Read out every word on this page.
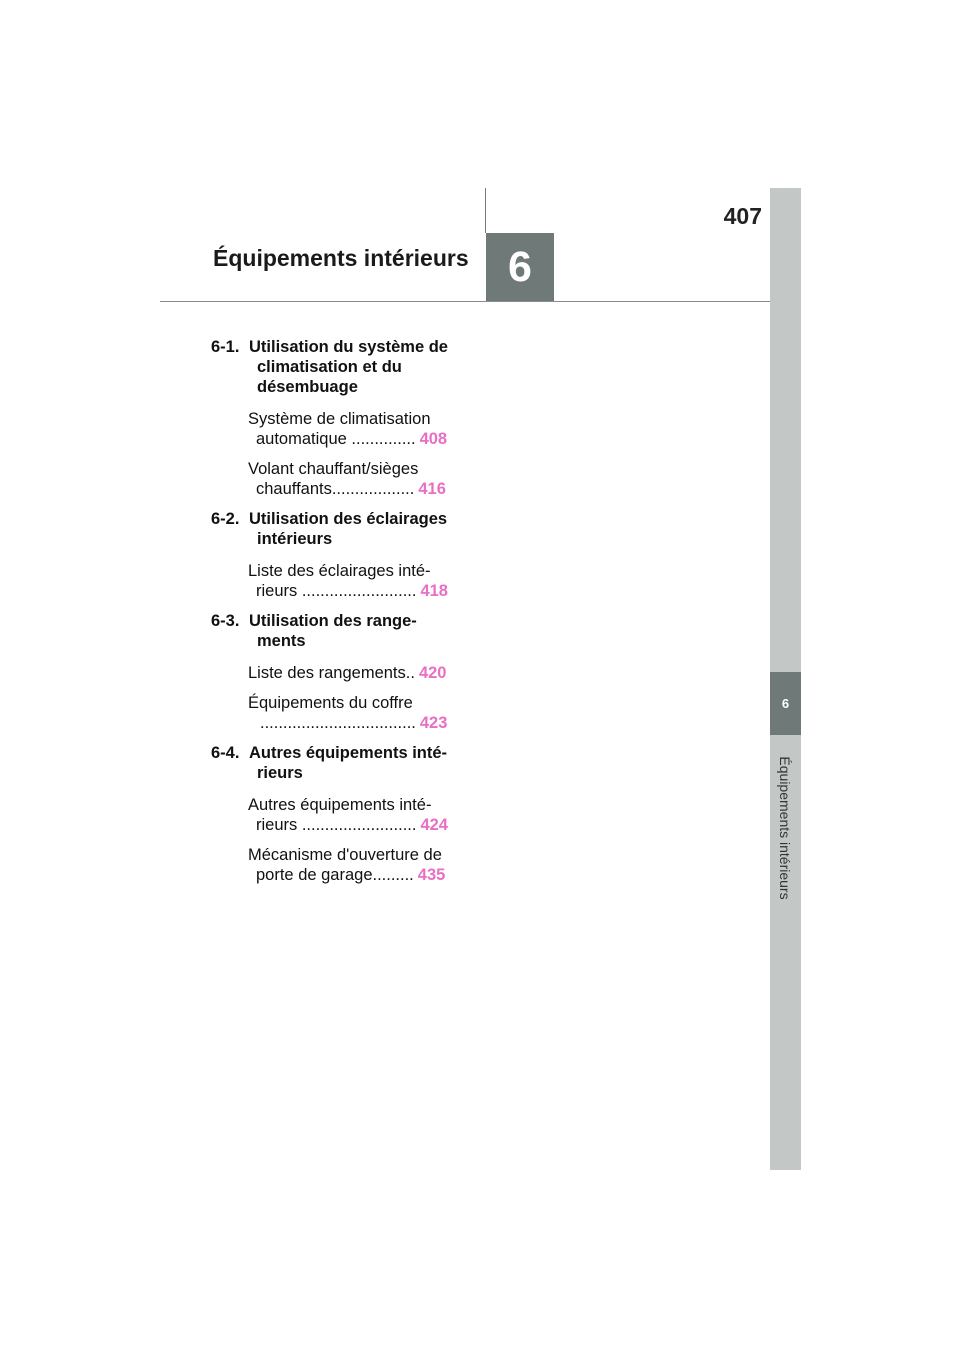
407
Équipements intérieurs 6
6
Équipements intérieurs
6-1. Utilisation du système de
climatisation et du
désembuage
Système de climatisation
automatique .............. 408
Volant chauffant/sièges
chauffants.................. 416
6-2. Utilisation des éclairages
intérieurs
Liste des éclairages inté-
rieurs ......................... 418
6-3. Utilisation des range-
ments
Liste des rangements.. 420
Équipements du coffre
.................................. 423
6-4. Autres équipements inté-
rieurs
Autres équipements inté-
rieurs ......................... 424
Mécanisme d'ouverture de
porte de garage......... 435
